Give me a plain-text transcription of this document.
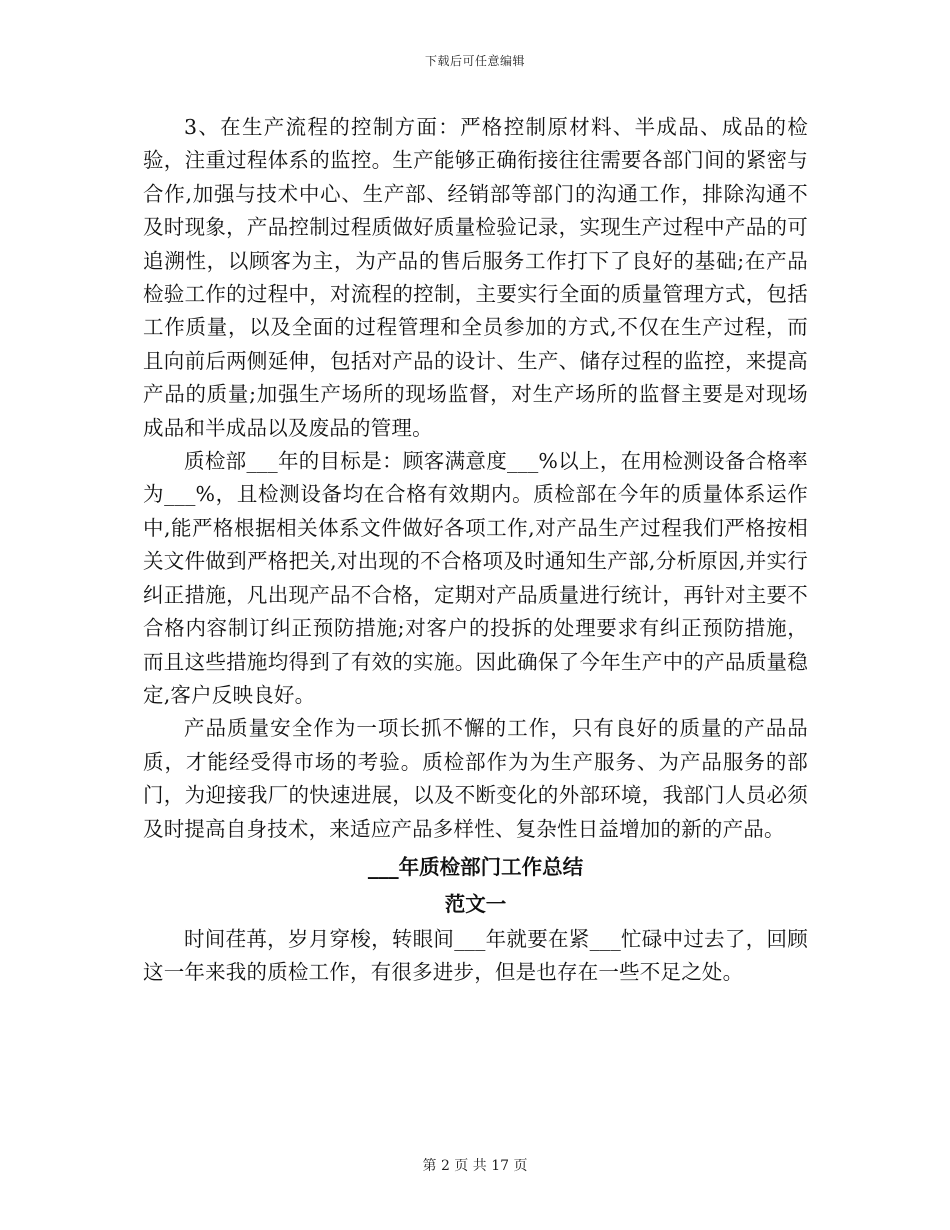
下载后可任意编辑

3、在生产流程的控制方面：严格控制原材料、半成品、成品的检验，注重过程体系的监控。生产能够正确衔接往往需要各部门间的紧密与合作,加强与技术中心、生产部、经销部等部门的沟通工作，排除沟通不及时现象，产品控制过程质做好质量检验记录，实现生产过程中产品的可追溯性，以顾客为主，为产品的售后服务工作打下了良好的基础;在产品检验工作的过程中，对流程的控制，主要实行全面的质量管理方式，包括工作质量，以及全面的过程管理和全员参加的方式,不仅在生产过程，而且向前后两侧延伸，包括对产品的设计、生产、储存过程的监控，来提高产品的质量;加强生产场所的现场监督，对生产场所的监督主要是对现场成品和半成品以及废品的管理。

质检部___年的目标是：顾客满意度___%以上，在用检测设备合格率为___%，且检测设备均在合格有效期内。质检部在今年的质量体系运作中,能严格根据相关体系文件做好各项工作,对产品生产过程我们严格按相关文件做到严格把关,对出现的不合格项及时通知生产部,分析原因,并实行纠正措施，凡出现产品不合格，定期对产品质量进行统计，再针对主要不合格内容制订纠正预防措施;对客户的投拆的处理要求有纠正预防措施，而且这些措施均得到了有效的实施。因此确保了今年生产中的产品质量稳定,客户反映良好。

产品质量安全作为一项长抓不懈的工作，只有良好的质量的产品品质，才能经受得市场的考验。质检部作为为生产服务、为产品服务的部门，为迎接我厂的快速进展，以及不断变化的外部环境，我部门人员必须及时提高自身技术，来适应产品多样性、复杂性日益增加的新的产品。

___年质检部门工作总结

范文一

时间荏苒，岁月穿梭，转眼间___年就要在紧___忙碌中过去了，回顾这一年来我的质检工作，有很多进步，但是也存在一些不足之处。

第 2 页 共 17 页
